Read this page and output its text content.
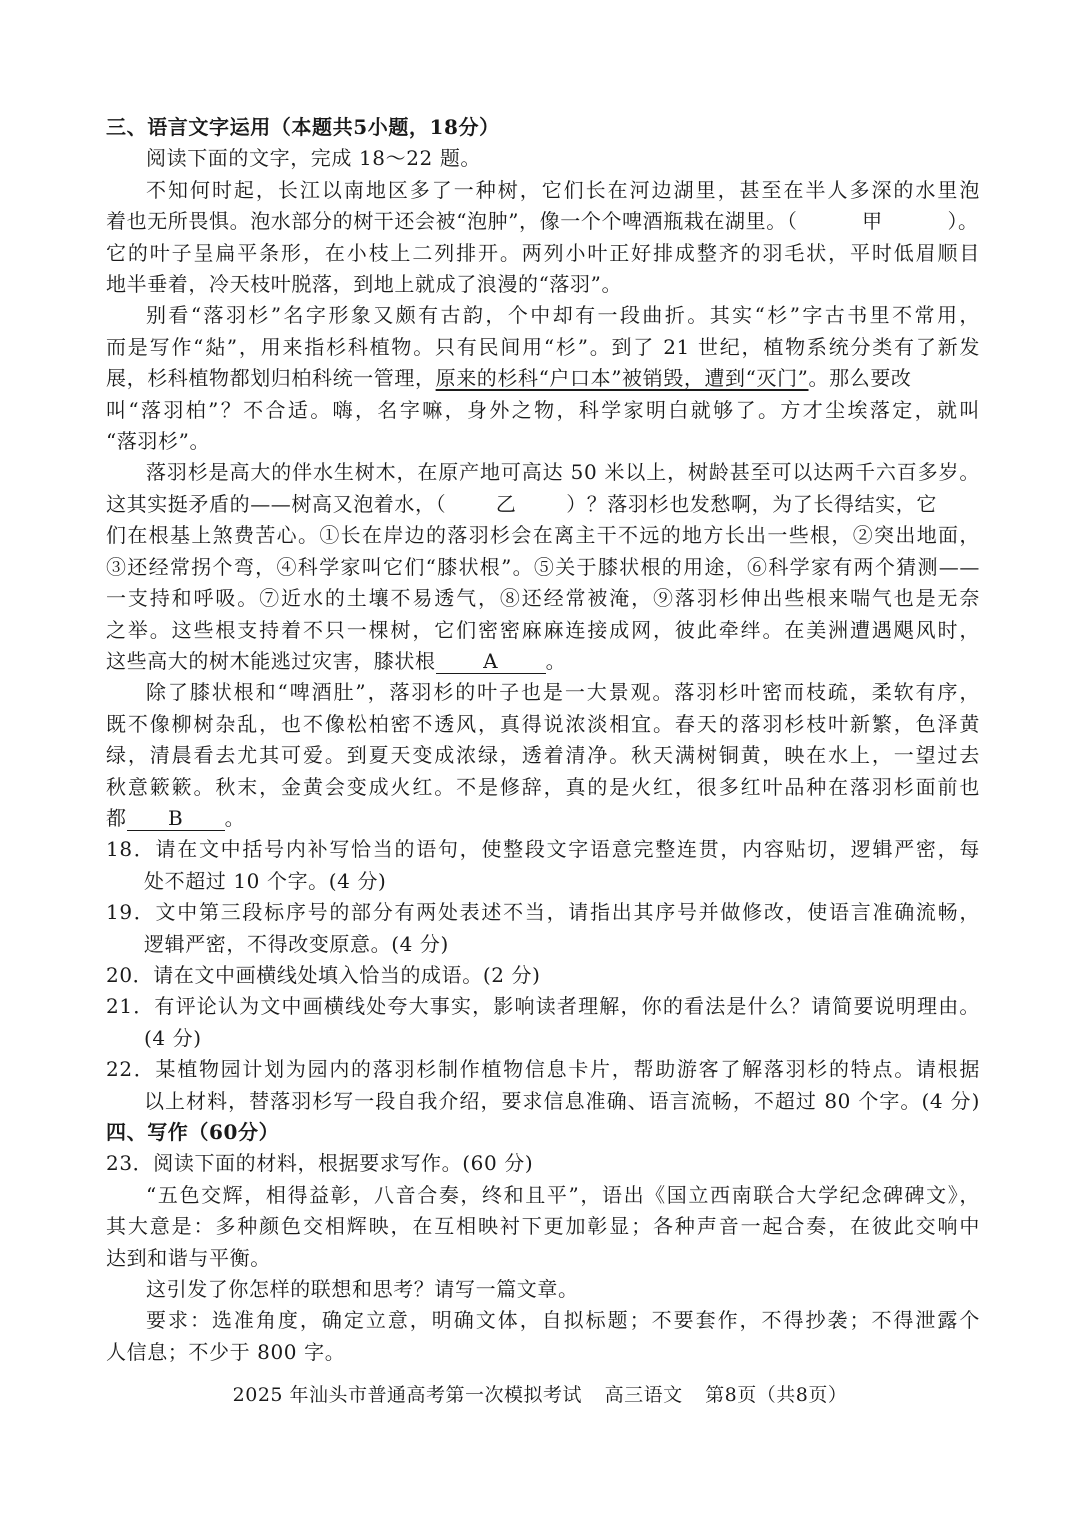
三、语言文字运用（本题共5小题，18分）
阅读下面的文字，完成 18～22 题。
不知何时起，长江以南地区多了一种树，它们长在河边湖里，甚至在半人多深的水里泡
着也无所畏惧。泡水部分的树干还会被“泡肿”，像一个个啤酒瓶栽在湖里。（	甲	）。
它的叶子呈扁平条形，在小枝上二列排开。两列小叶正好排成整齐的羽毛状，平时低眉顺目
地半垂着，冷天枝叶脱落，到地上就成了浪漫的“落羽”。
别看“落羽杉”名字形象又颇有古韵，个中却有一段曲折。其实“杉”字古书里不常用，
而是写作“煔”，用来指杉科植物。只有民间用“杉”。到了 21 世纪，植物系统分类有了新发
展，杉科植物都划归柏科统一管理，原来的杉科“户口本”被销毁，遭到“灭门”。那么要改
叫“落羽柏”？不合适。嗨，名字嘛，身外之物，科学家明白就够了。方才尘埃落定，就叫
“落羽杉”。
落羽杉是高大的伴水生树木，在原产地可高达 50 米以上，树龄甚至可以达两千六百多岁。
这其实挺矛盾的——树高又泡着水，（ 乙 ）？落羽杉也发愁啊，为了长得结实，它
们在根基上煞费苦心。①长在岸边的落羽杉会在离主干不远的地方长出一些根，②突出地面，
③还经常拐个弯，④科学家叫它们“膝状根”。⑤关于膝状根的用途，⑥科学家有两个猜测——
一支持和呼吸。⑦近水的土壤不易透气，⑧还经常被淹，⑨落羽杉伸出些根来喘气也是无奈
之举。这些根支持着不只一棵树，它们密密麻麻连接成网，彼此牵绊。在美洲遭遇飓风时，
这些高大的树木能逃过灾害，膝状根 A 。
除了膝状根和“啤酒肚”，落羽杉的叶子也是一大景观。落羽杉叶密而枝疏，柔软有序，
既不像柳树杂乱，也不像松柏密不透风，真得说浓淡相宜。春天的落羽杉枝叶新繁，色泽黄
绿，清晨看去尤其可爱。到夏天变成浓绿，透着清净。秋天满树铜黄，映在水上，一望过去
秋意簌簌。秋末，金黄会变成火红。不是修辞，真的是火红，很多红叶品种在落羽杉面前也
都 B 。
18．请在文中括号内补写恰当的语句，使整段文字语意完整连贯，内容贴切，逻辑严密，每
处不超过 10 个字。(4 分)
19．文中第三段标序号的部分有两处表述不当，请指出其序号并做修改，使语言准确流畅，
逻辑严密，不得改变原意。(4 分)
20．请在文中画横线处填入恰当的成语。(2 分)
21．有评论认为文中画横线处夸大事实，影响读者理解，你的看法是什么？请简要说明理由。
(4 分)
22．某植物园计划为园内的落羽杉制作植物信息卡片，帮助游客了解落羽杉的特点。请根据
以上材料，替落羽杉写一段自我介绍，要求信息准确、语言流畅，不超过 80 个字。(4 分)
四、写作（60分）
23．阅读下面的材料，根据要求写作。(60 分)
“五色交辉，相得益彰，八音合奏，终和且平”，语出《国立西南联合大学纪念碑碑文》，
其大意是：多种颜色交相辉映，在互相映衬下更加彰显；各种声音一起合奏，在彼此交响中
达到和谐与平衡。
这引发了你怎样的联想和思考？请写一篇文章。
要求：选准角度，确定立意，明确文体，自拟标题；不要套作，不得抄袭；不得泄露个
人信息；不少于 800 字。
2025 年汕头市普通高考第一次模拟考试 高三语文 第8页（共8页）
